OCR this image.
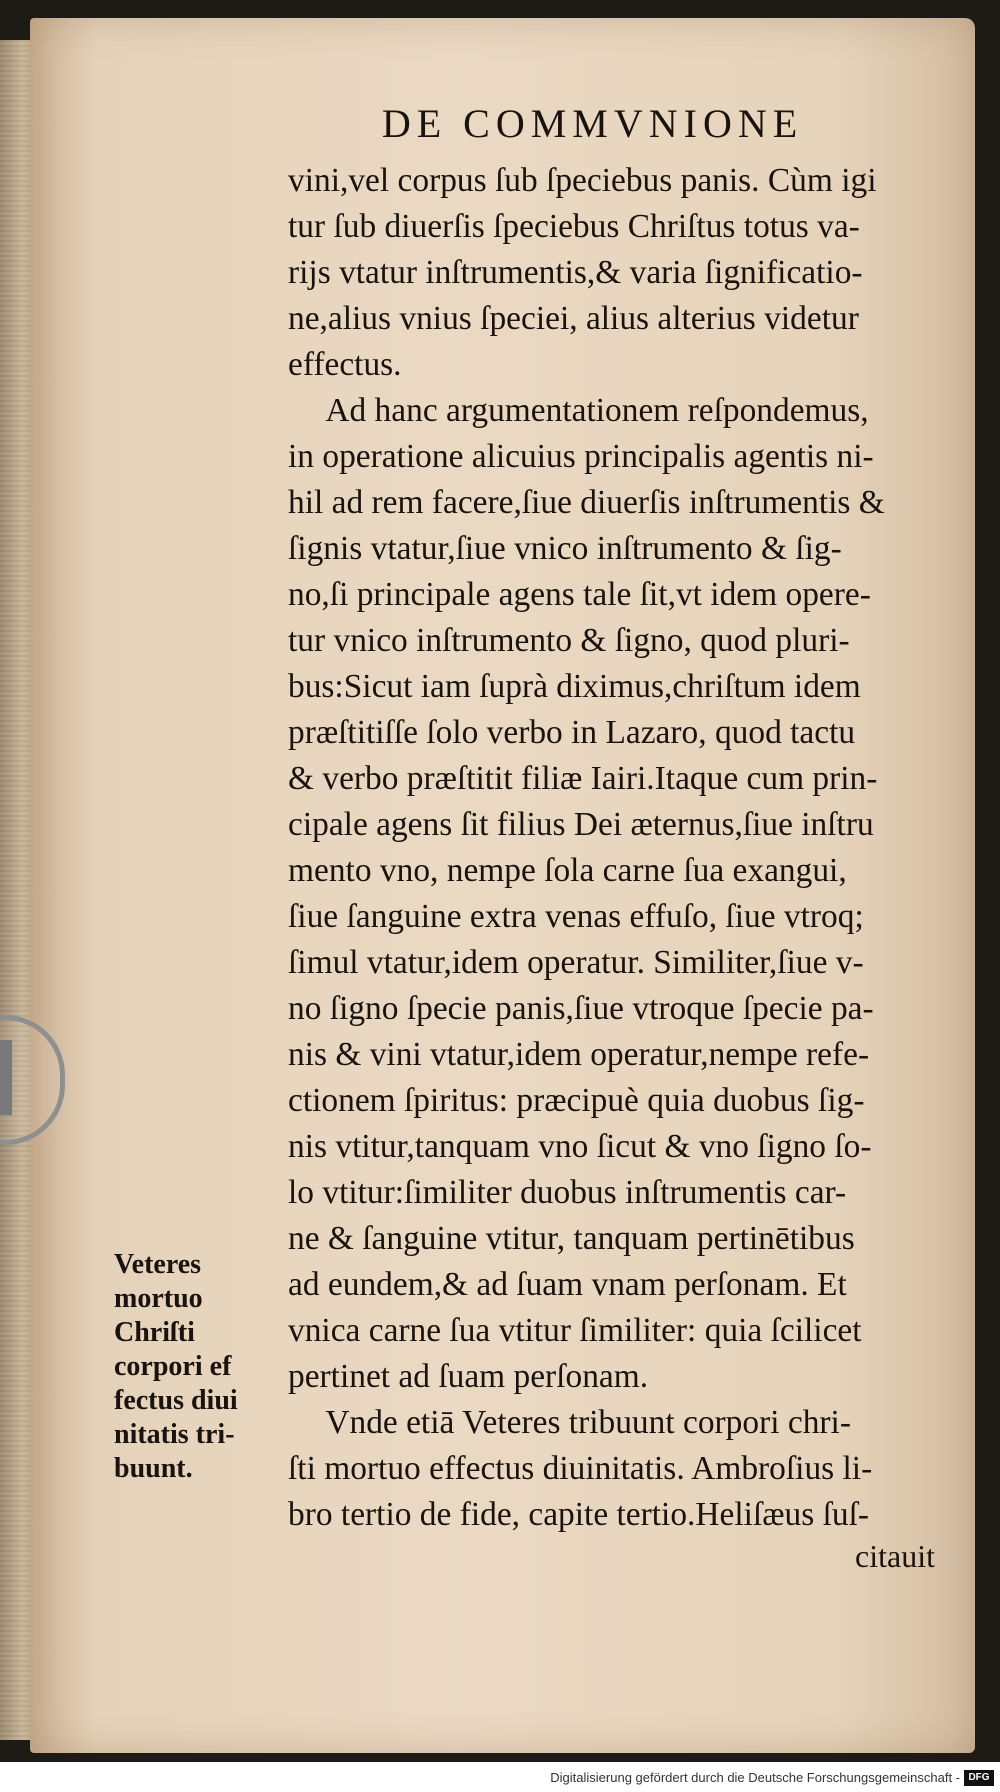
DE COMMVNIONE

vini,vel corpus ſub ſpeciebus panis. Cùm igi

tur ſub diuerſis ſpeciebus Chriſtus totus va-

rijs vtatur inſtrumentis,& varia ſignificatio-

ne,alius vnius ſpeciei, alius alterius videtur

effectus.

Ad hanc argumentationem reſpondemus,

in operatione alicuius principalis agentis ni-

hil ad rem facere,ſiue diuerſis inſtrumentis &

ſignis vtatur,ſiue vnico inſtrumento & ſig-

no,ſi principale agens tale ſit,vt idem opere-

tur vnico inſtrumento & ſigno, quod pluri-

bus:Sicut iam ſuprà diximus,chriſtum idem

præſtitiſſe ſolo verbo in Lazaro, quod tactu

& verbo præſtitit filiæ Iairi.Itaque cum prin-

cipale agens ſit filius Dei æternus,ſiue inſtru

mento vno, nempe ſola carne ſua exangui,

ſiue ſanguine extra venas effuſo, ſiue vtroq;

ſimul vtatur,idem operatur. Similiter,ſiue v-

no ſigno ſpecie panis,ſiue vtroque ſpecie pa-

nis & vini vtatur,idem operatur,nempe refe-

ctionem ſpiritus: præcipuè quia duobus ſig-

nis vtitur,tanquam vno ſicut & vno ſigno ſo-

lo vtitur:ſimiliter duobus inſtrumentis car-

ne & ſanguine vtitur, tanquam pertinētibus

ad eundem,& ad ſuam vnam perſonam. Et

vnica carne ſua vtitur ſimiliter: quia ſcilicet

pertinet ad ſuam perſonam.

Vnde etiā Veteres tribuunt corpori chri-

ſti mortuo effectus diuinitatis. Ambroſius li-

bro tertio de fide, capite tertio.Heliſæus ſuſ-

Veteres

mortuo

Chriſti

corpori ef

fectus diui

nitatis tri-

buunt.

citauit
Digitalisierung gefördert durch die Deutsche Forschungsgemeinschaft - DFG
